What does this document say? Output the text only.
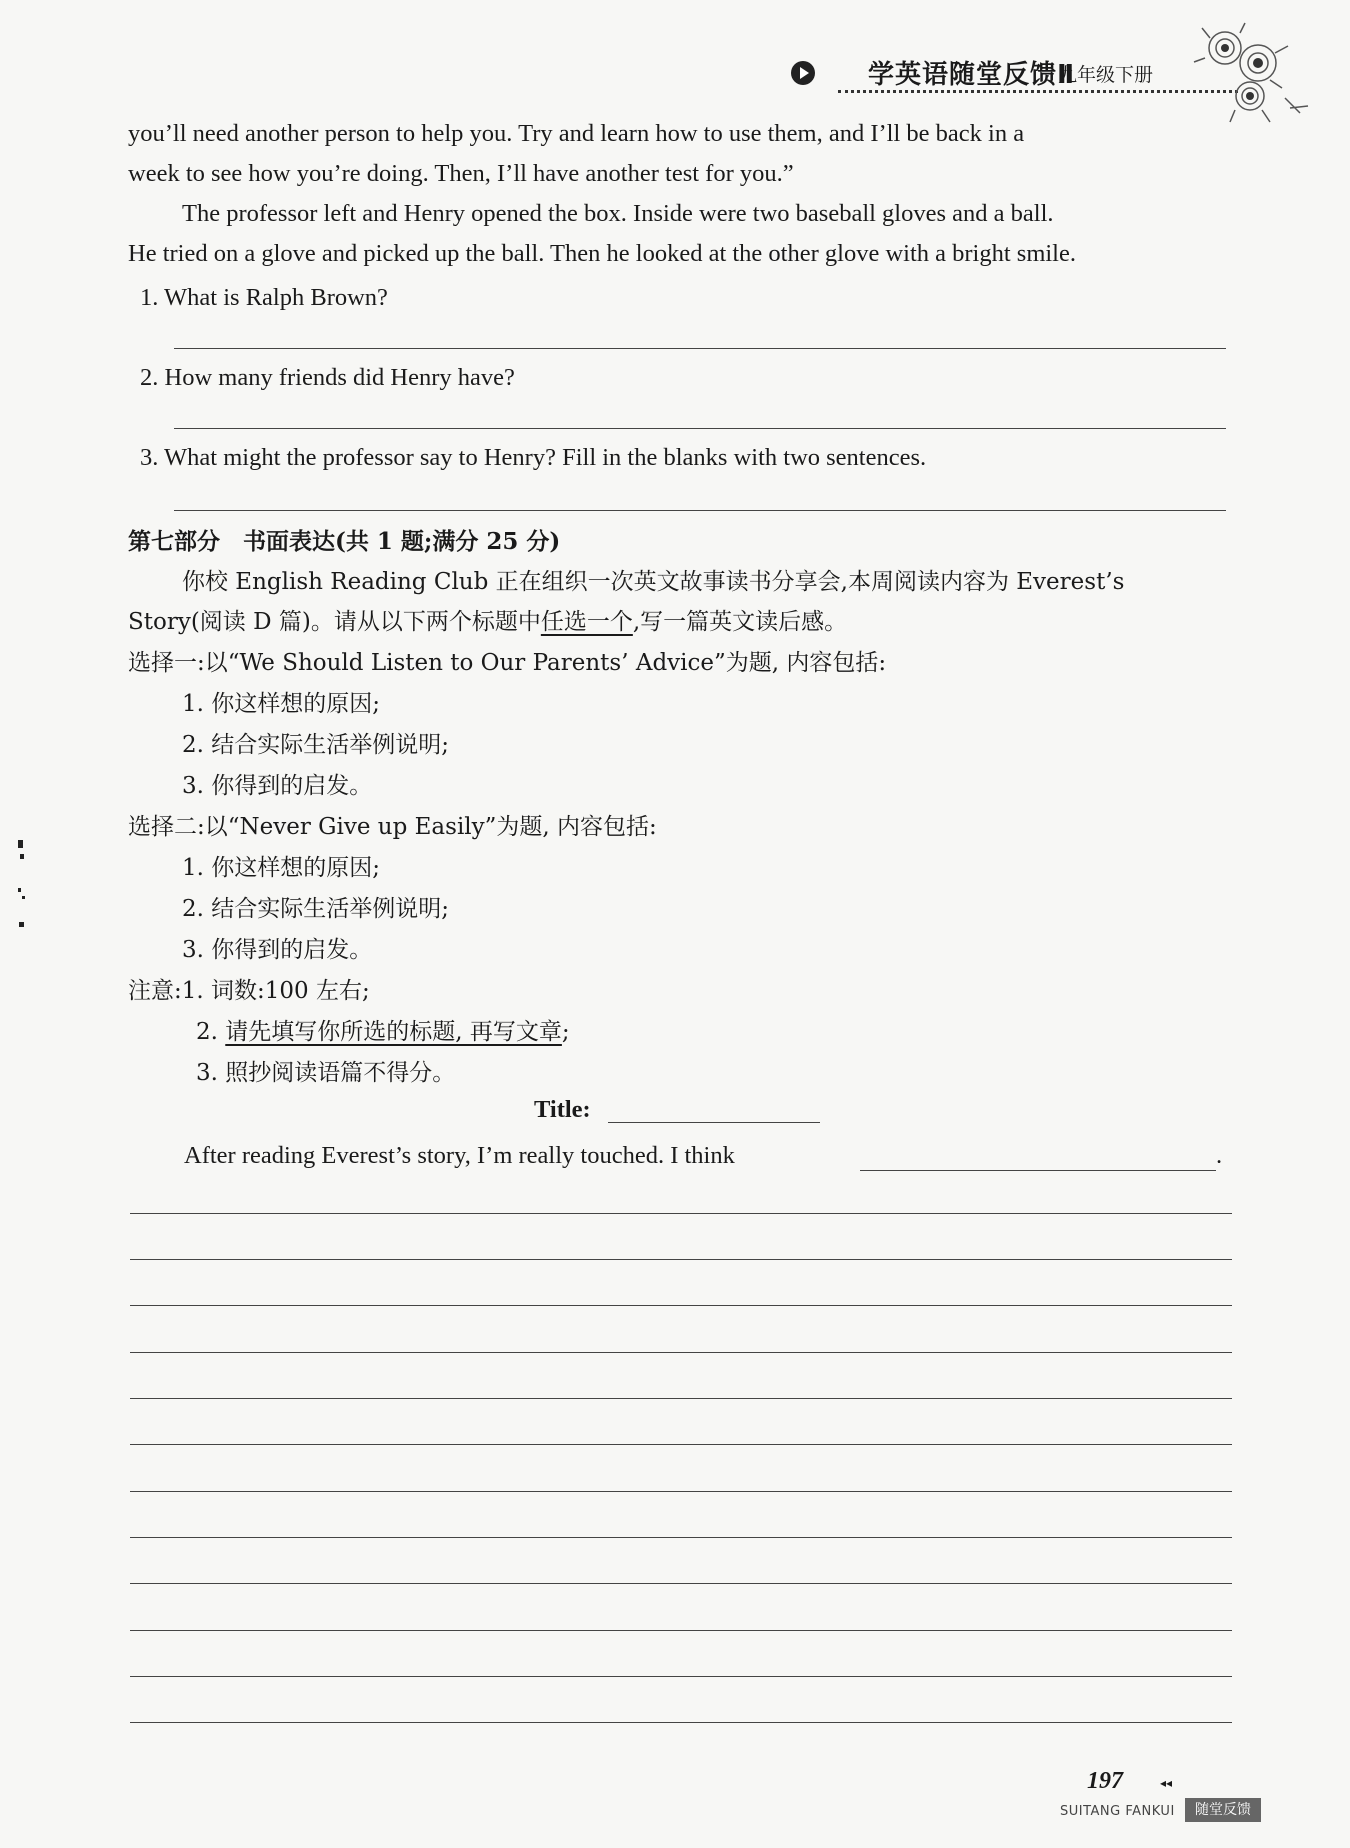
学英语随堂反馈Ⅱ
九年级下册
you’ll need another person to help you. Try and learn how to use them, and I’ll be back in a
week to see how you’re doing. Then, I’ll have another test for you.”
The professor left and Henry opened the box. Inside were two baseball gloves and a ball.
He tried on a glove and picked up the ball. Then he looked at the other glove with a bright smile.
1. What is Ralph Brown?
2. How many friends did Henry have?
3. What might the professor say to Henry? Fill in the blanks with two sentences.
第七部分　书面表达(共 1 题;满分 25 分)
你校 English Reading Club 正在组织一次英文故事读书分享会,本周阅读内容为 Everest’s
Story(阅读 D 篇)。请从以下两个标题中任选一个,写一篇英文读后感。
选择一:以“We Should Listen to Our Parents’ Advice”为题, 内容包括:
1. 你这样想的原因;
2. 结合实际生活举例说明;
3. 你得到的启发。
选择二:以“Never Give up Easily”为题, 内容包括:
1. 你这样想的原因;
2. 结合实际生活举例说明;
3. 你得到的启发。
注意:1. 词数:100 左右;
2. 请先填写你所选的标题, 再写文章;
3. 照抄阅读语篇不得分。
Title:
After reading Everest’s story, I’m really touched. I think	.
197	◂◂
SUITANG FANKUI	随堂反馈
